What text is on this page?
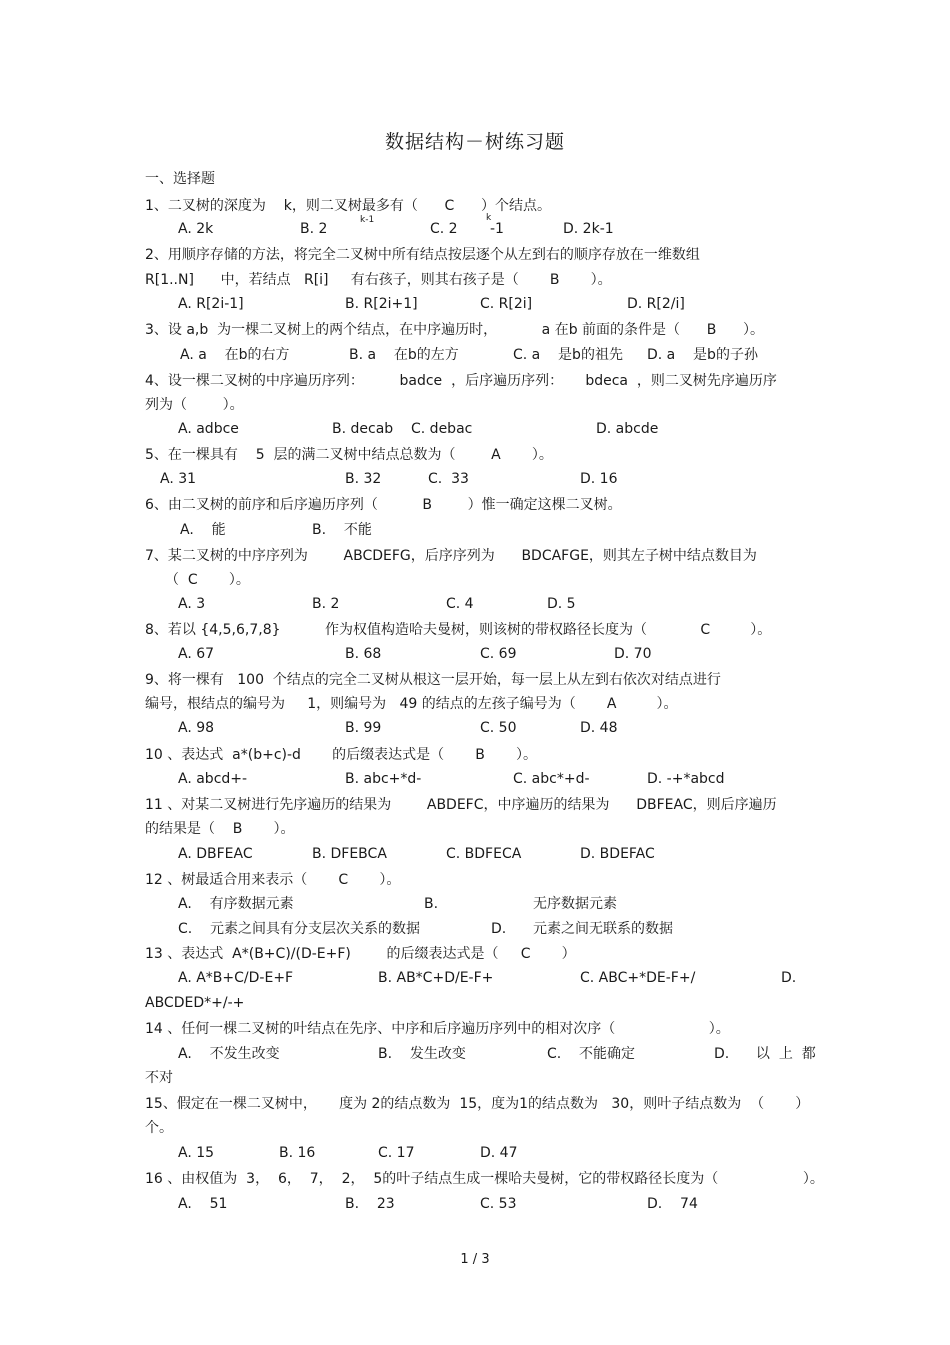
数据结构－树练习题
一、选择题
1、二叉树的深度为    k，则二叉树最多有（      C      ）个结点。
A. 2k	B. 2	C. 2 -1	D. 2k-1
2、用顺序存储的方法，将完全二叉树中所有结点按层逐个从左到右的顺序存放在一维数组
R[1..N]      中，若结点   R[i]     有右孩子，则其右孩子是（       B       ）。
A. R[2i-1]	B. R[2i+1]	C. R[2i]	D. R[2/i]
3、设 a,b  为一棵二叉树上的两个结点，在中序遍历时，          a 在b 前面的条件是（      B      ）。
A. a    在b的右方	B. a    在b的左方	C. a    是b的祖先 D. a    是b的子孙
4、设一棵二叉树的中序遍历序列：        badce  ，后序遍历序列：     bdeca  ，则二叉树先序遍历序
列为（        ）。
A. adbce	B. decab C. debac	D. abcde
5、在一棵具有    5  层的满二叉树中结点总数为（        A       ）。
A. 31	B. 32	C.  33	D. 16
6、由二叉树的前序和后序遍历序列（          B        ）惟一确定这棵二叉树。
A.    能	B.    不能
7、某二叉树的中序序列为        ABCDEFG，后序序列为      BDCAFGE，则其左子树中结点数目为
（  C       ）。
A. 3	B. 2	C. 4	D. 5
8、若以 {4,5,6,7,8}          作为权值构造哈夫曼树，则该树的带权路径长度为（            C         ）。
A. 67	B. 68	C. 69	D. 70
9、将一棵有   100  个结点的完全二叉树从根这一层开始，每一层上从左到右依次对结点进行
编号，根结点的编号为     1，则编号为   49 的结点的左孩子编号为（       A         ）。
A. 98	B. 99	C. 50	D. 48
10 、表达式  a*(b+c)-d       的后缀表达式是（       B       ）。
A. abcd+-	B. abc+*d-	C. abc*+d-	D. -+*abcd
11 、对某二叉树进行先序遍历的结果为        ABDEFC，中序遍历的结果为      DBFEAC，则后序遍历
的结果是（    B       ）。
A. DBFEAC	B. DFEBCA	C. BDFECA	D. BDEFAC
12 、树最适合用来表示（       C       ）。
A.    有序数据元素	B.	无序数据元素
C.    元素之间具有分支层次关系的数据	D. 元素之间无联系的数据
13 、表达式  A*(B+C)/(D-E+F)        的后缀表达式是（     C       ）
A. A*B+C/D-E+F	B. AB*C+D/E-F+	C. ABC+*DE-F+/	D.
ABCDED*+/-+
14 、任何一棵二叉树的叶结点在先序、中序和后序遍历序列中的相对次序（                     ）。
A.    不发生改变	B.    发生改变	C.    不能确定	D.      以  上  都
不对
15、假定在一棵二叉树中，     度为 2的结点数为  15，度为1的结点数为   30，则叶子结点数为  （       ）
个。
A. 15	B. 16	C. 17	D. 47
16 、由权值为  3，  6，  7，  2，  5的叶子结点生成一棵哈夫曼树，它的带权路径长度为（                   ）。
A.    51	B.    23	C. 53	D.    74
k-1	k
1 / 3
